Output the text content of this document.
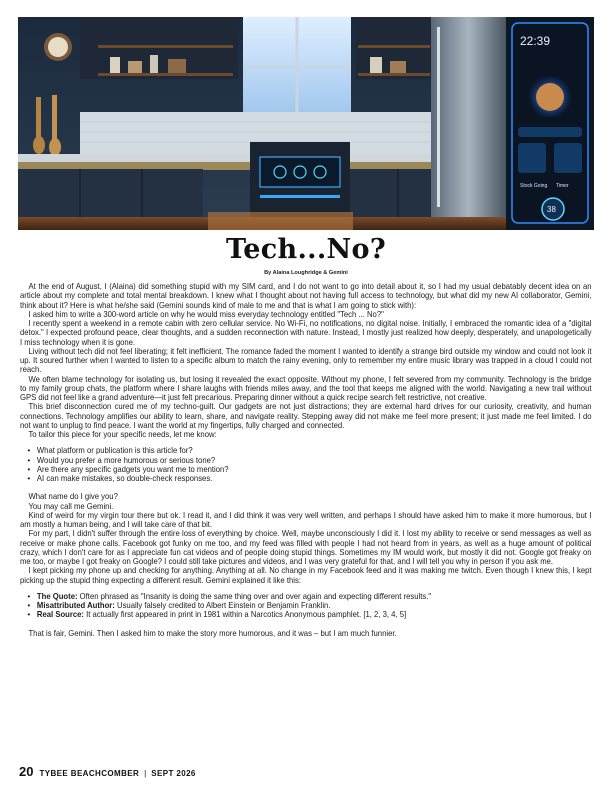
22:39
Stock Going Timer
38
Tech...No?
By Alaina Loughridge & Gemini

At the end of August, I (Alaina) did something stupid with my SIM card, and I do not want to go into detail about it, so I had my usual debatably decent idea on an article about my complete and total mental breakdown. I knew what I thought about not having full access to technology, but what did my new AI collaborator, Gemini, think about it? Here is what he/she said (Gemini sounds kind of male to me and that is what I am going to stick with):

I asked him to write a 300-word article on why he would miss everyday technology entitled "Tech ... No?"

I recently spent a weekend in a remote cabin with zero cellular service. No Wi-Fi, no notifications, no digital noise. Initially, I embraced the romantic idea of a "digital detox." I expected profound peace, clear thoughts, and a sudden reconnection with nature. Instead, I mostly just realized how deeply, desperately, and unapologetically I miss technology when it is gone.

Living without tech did not feel liberating; it felt inefficient. The romance faded the moment I wanted to identify a strange bird outside my window and could not look it up. It soured further when I wanted to listen to a specific album to match the rainy evening, only to remember my entire music library was trapped in a cloud I could not reach.

We often blame technology for isolating us, but losing it revealed the exact opposite. Without my phone, I felt severed from my community. Technology is the bridge to my family group chats, the platform where I share laughs with friends miles away, and the tool that keeps me aligned with the world. Navigating a new trail without GPS did not feel like a grand adventure—it just felt precarious. Preparing dinner without a quick recipe search felt restrictive, not creative.

This brief disconnection cured me of my techno-guilt. Our gadgets are not just distractions; they are external hard drives for our curiosity, creativity, and human connections. Technology amplifies our ability to learn, share, and navigate reality. Stepping away did not make me feel more present; it just made me feel limited. I do not want to unplug to find peace. I want the world at my fingertips, fully charged and connected.

To tailor this piece for your specific needs, let me know:

• What platform or publication is this article for?
• Would you prefer a more humorous or serious tone?
• Are there any specific gadgets you want me to mention?
• AI can make mistakes, so double-check responses.

What name do I give you?

You may call me Gemini.

Kind of weird for my virgin tour there but ok. I read it, and I did think it was very well written, and perhaps I should have asked him to make it more humorous, but I am mostly a human being, and I will take care of that bit.

For my part, I didn't suffer through the entire loss of everything by choice. Well, maybe unconsciously I did it. I lost my ability to receive or send messages as well as receive or make phone calls. Facebook got funky on me too, and my feed was filled with people I had not heard from in years, as well as a huge amount of political crazy, which I don't care for as I appreciate fun cat videos and of people doing stupid things. Sometimes my IM would work, but mostly it did not. Google got freaky on me too, or maybe I got freaky on Google? I could still take pictures and videos, and I was very grateful for that, and I will tell you why in person if you ask me.

I kept picking my phone up and checking for anything. Anything at all. No change in my Facebook feed and it was making me twitch. Even though I knew this, I kept picking up the stupid thing expecting a different result. Gemini explained it like this:

• The Quote: Often phrased as "Insanity is doing the same thing over and over again and expecting different results."
• Misattributed Author: Usually falsely credited to Albert Einstein or Benjamin Franklin.
• Real Source: It actually first appeared in print in 1981 within a Narcotics Anonymous pamphlet. [1, 2, 3, 4, 5]

That is fair, Gemini. Then I asked him to make the story more humorous, and it was – but I am much funnier.

20 TYBEE BEACHCOMBER | SEPT 2026
